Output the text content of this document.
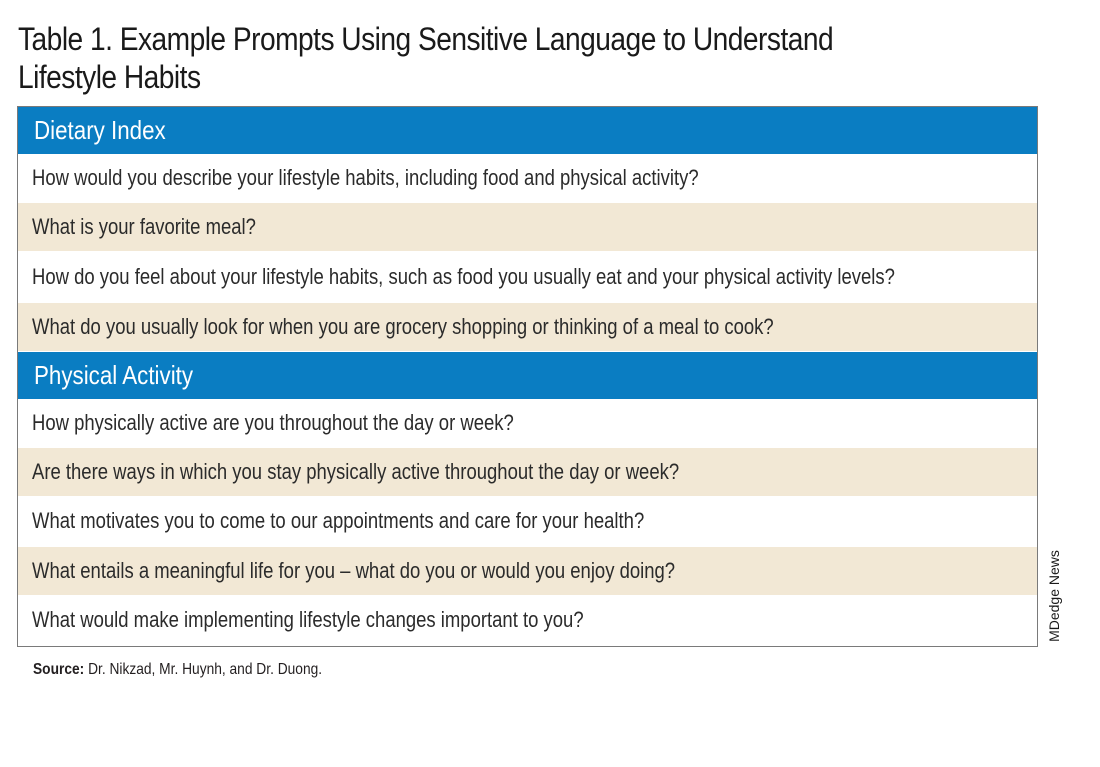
Table 1. Example Prompts Using Sensitive Language to Understand Lifestyle Habits
Dietary Index
How would you describe your lifestyle habits, including food and physical activity?
What is your favorite meal?
How do you feel about your lifestyle habits, such as food you usually eat and your physical activity levels?
What do you usually look for when you are grocery shopping or thinking of a meal to cook?
Physical Activity
How physically active are you throughout the day or week?
Are there ways in which you stay physically active throughout the day or week?
What motivates you to come to our appointments and care for your health?
What entails a meaningful life for you – what do you or would you enjoy doing?
What would make implementing lifestyle changes important to you?
Source: Dr. Nikzad, Mr. Huynh, and Dr. Duong.
MDedge News
